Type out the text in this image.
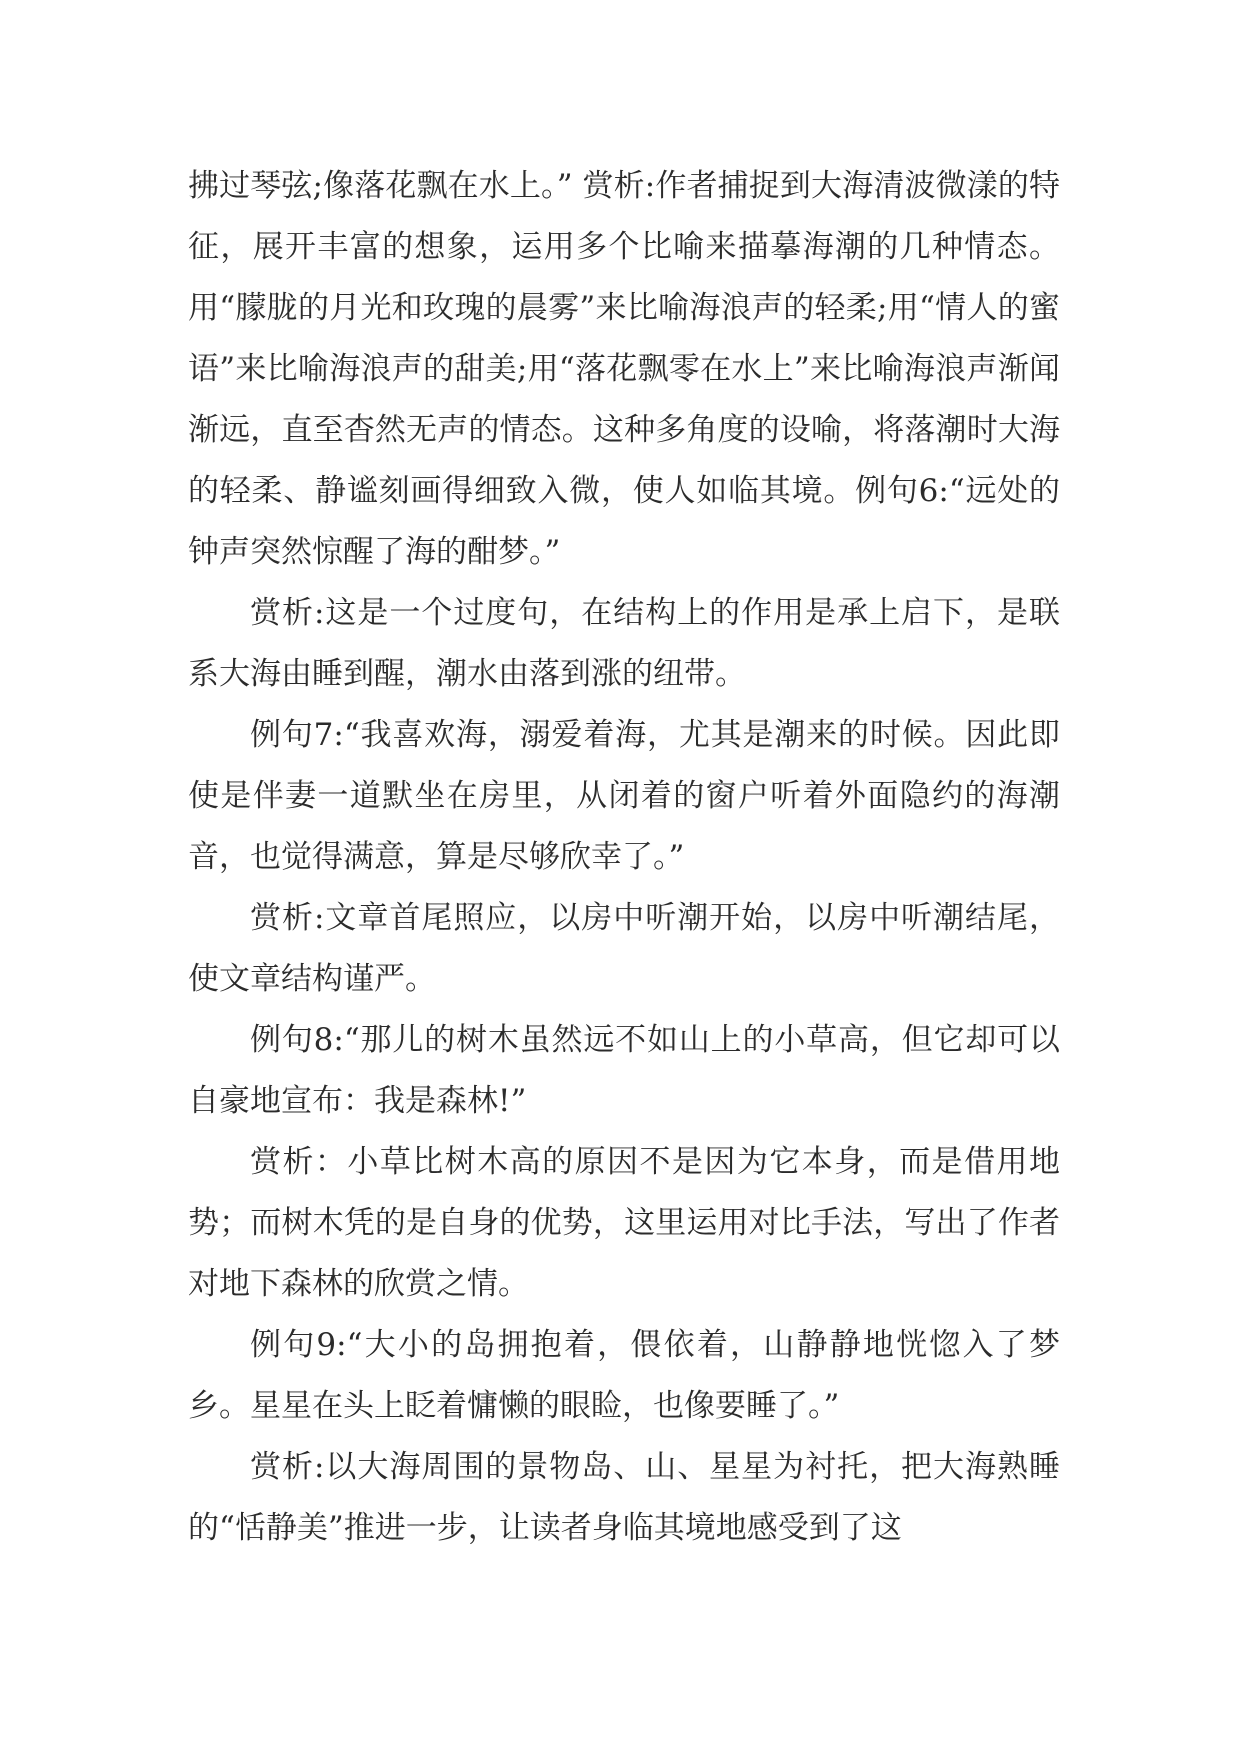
拂过琴弦;像落花飘在水上。” 赏析:作者捕捉到大海清波微漾的特征，展开丰富的想象，运用多个比喻来描摹海潮的几种情态。用“朦胧的月光和玫瑰的晨雾”来比喻海浪声的轻柔;用“情人的蜜语”来比喻海浪声的甜美;用“落花飘零在水上”来比喻海浪声渐闻渐远，直至杳然无声的情态。这种多角度的设喻，将落潮时大海的轻柔、静谧刻画得细致入微，使人如临其境。例句6:“远处的钟声突然惊醒了海的酣梦。”

赏析:这是一个过度句，在结构上的作用是承上启下，是联系大海由睡到醒，潮水由落到涨的纽带。

例句7:“我喜欢海，溺爱着海，尤其是潮来的时候。因此即使是伴妻一道默坐在房里，从闭着的窗户听着外面隐约的海潮音，也觉得满意，算是尽够欣幸了。”

赏析:文章首尾照应，以房中听潮开始，以房中听潮结尾，使文章结构谨严。

例句8:“那儿的树木虽然远不如山上的小草高，但它却可以自豪地宣布：我是森林!”

赏析：小草比树木高的原因不是因为它本身，而是借用地势；而树木凭的是自身的优势，这里运用对比手法，写出了作者对地下森林的欣赏之情。

例句9:“大小的岛拥抱着，偎依着，山静静地恍惚入了梦乡。星星在头上眨着慵懒的眼睑，也像要睡了。”

赏析:以大海周围的景物岛、山、星星为衬托，把大海熟睡的“恬静美”推进一步，让读者身临其境地感受到了这
